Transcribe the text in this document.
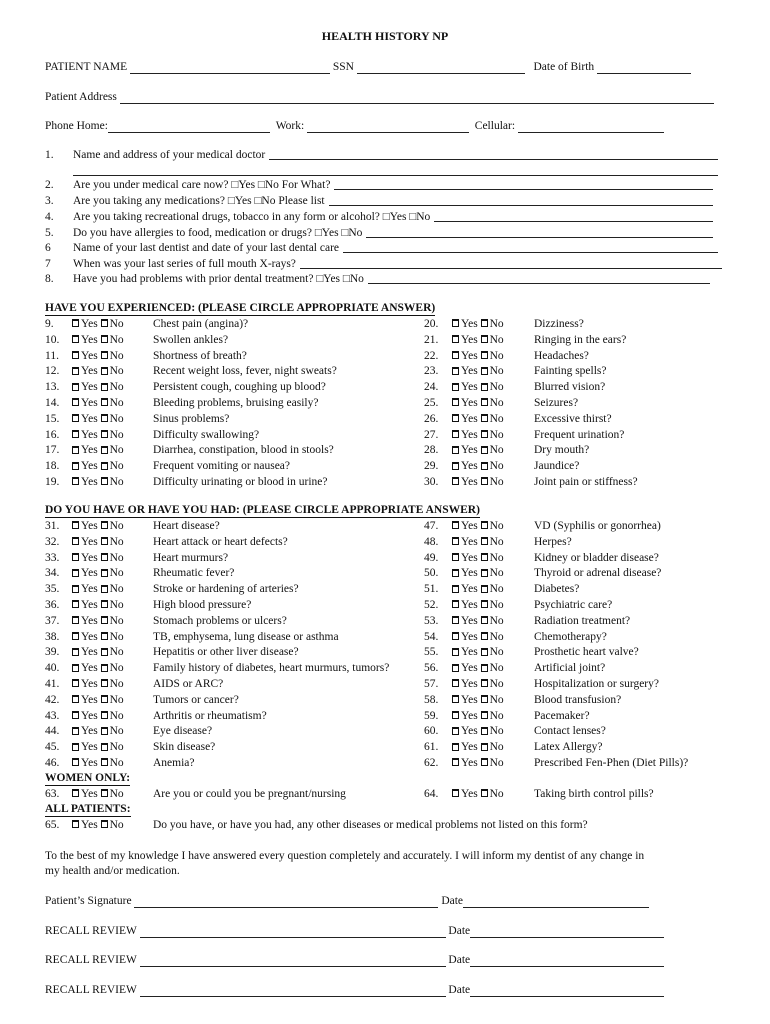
HEALTH HISTORY NP
PATIENT NAME	SSN	Date of Birth
Patient Address
Phone Home:	Work:	Cellular:
1. Name and address of your medical doctor
2. Are you under medical care now? □Yes □No For What?
3. Are you taking any medications? □Yes □No Please list
4. Are you taking recreational drugs, tobacco in any form or alcohol? □Yes □No
5. Do you have allergies to food, medication or drugs? □Yes □No
6 Name of your last dentist and date of your last dental care
7 When was your last series of full mouth X-rays?
8. Have you had problems with prior dental treatment? □Yes □No
HAVE YOU EXPERIENCED: (PLEASE CIRCLE APPROPRIATE ANSWER)
9.	Yes No	Chest pain (angina)?	20.	Yes No	Dizziness?
10.	Yes No	Swollen ankles?	21.	Yes No	Ringing in the ears?
11.	Yes No	Shortness of breath?	22.	Yes No	Headaches?
12.	Yes No	Recent weight loss, fever, night sweats?	23.	Yes No	Fainting spells?
13.	Yes No	Persistent cough, coughing up blood?	24.	Yes No	Blurred vision?
14.	Yes No	Bleeding problems, bruising easily?	25.	Yes No	Seizures?
15.	Yes No	Sinus problems?	26.	Yes No	Excessive thirst?
16.	Yes No	Difficulty swallowing?	27.	Yes No	Frequent urination?
17.	Yes No	Diarrhea, constipation, blood in stools?	28.	Yes No	Dry mouth?
18.	Yes No	Frequent vomiting or nausea?	29.	Yes No	Jaundice?
19.	Yes No	Difficulty urinating or blood in urine?	30.	Yes No	Joint pain or stiffness?
DO YOU HAVE OR HAVE YOU HAD: (PLEASE CIRCLE APPROPRIATE ANSWER)
31.	Yes No	Heart disease?	47.	Yes No	VD (Syphilis or gonorrhea)
32.	Yes No	Heart attack or heart defects?	48.	Yes No	Herpes?
33.	Yes No	Heart murmurs?	49.	Yes No	Kidney or bladder disease?
34.	Yes No	Rheumatic fever?	50.	Yes No	Thyroid or adrenal disease?
35.	Yes No	Stroke or hardening of arteries?	51.	Yes No	Diabetes?
36.	Yes No	High blood pressure?	52.	Yes No	Psychiatric care?
37.	Yes No	Stomach problems or ulcers?	53.	Yes No	Radiation treatment?
38.	Yes No	TB, emphysema, lung disease or asthma	54.	Yes No	Chemotherapy?
39.	Yes No	Hepatitis or other liver disease?	55.	Yes No	Prosthetic heart valve?
40.	Yes No	Family history of diabetes, heart murmurs, tumors?	56.	Yes No	Artificial joint?
41.	Yes No	AIDS or ARC?	57.	Yes No	Hospitalization or surgery?
42.	Yes No	Tumors or cancer?	58.	Yes No	Blood transfusion?
43.	Yes No	Arthritis or rheumatism?	59.	Yes No	Pacemaker?
44.	Yes No	Eye disease?	60.	Yes No	Contact lenses?
45.	Yes No	Skin disease?	61.	Yes No	Latex Allergy?
46.	Yes No	Anemia?	62.	Yes No	Prescribed Fen-Phen (Diet Pills)?
WOMEN ONLY:
63.	Yes No	Are you or could you be pregnant/nursing	64.	Yes No	Taking birth control pills?
ALL PATIENTS:
65.	Yes No	Do you have, or have you had, any other diseases or medical problems not listed on this form?
To the best of my knowledge I have answered every question completely and accurately. I will inform my dentist of any change in
my health and/or medication.
Patient’s Signature	Date
RECALL REVIEW	Date
RECALL REVIEW	Date
RECALL REVIEW	Date
